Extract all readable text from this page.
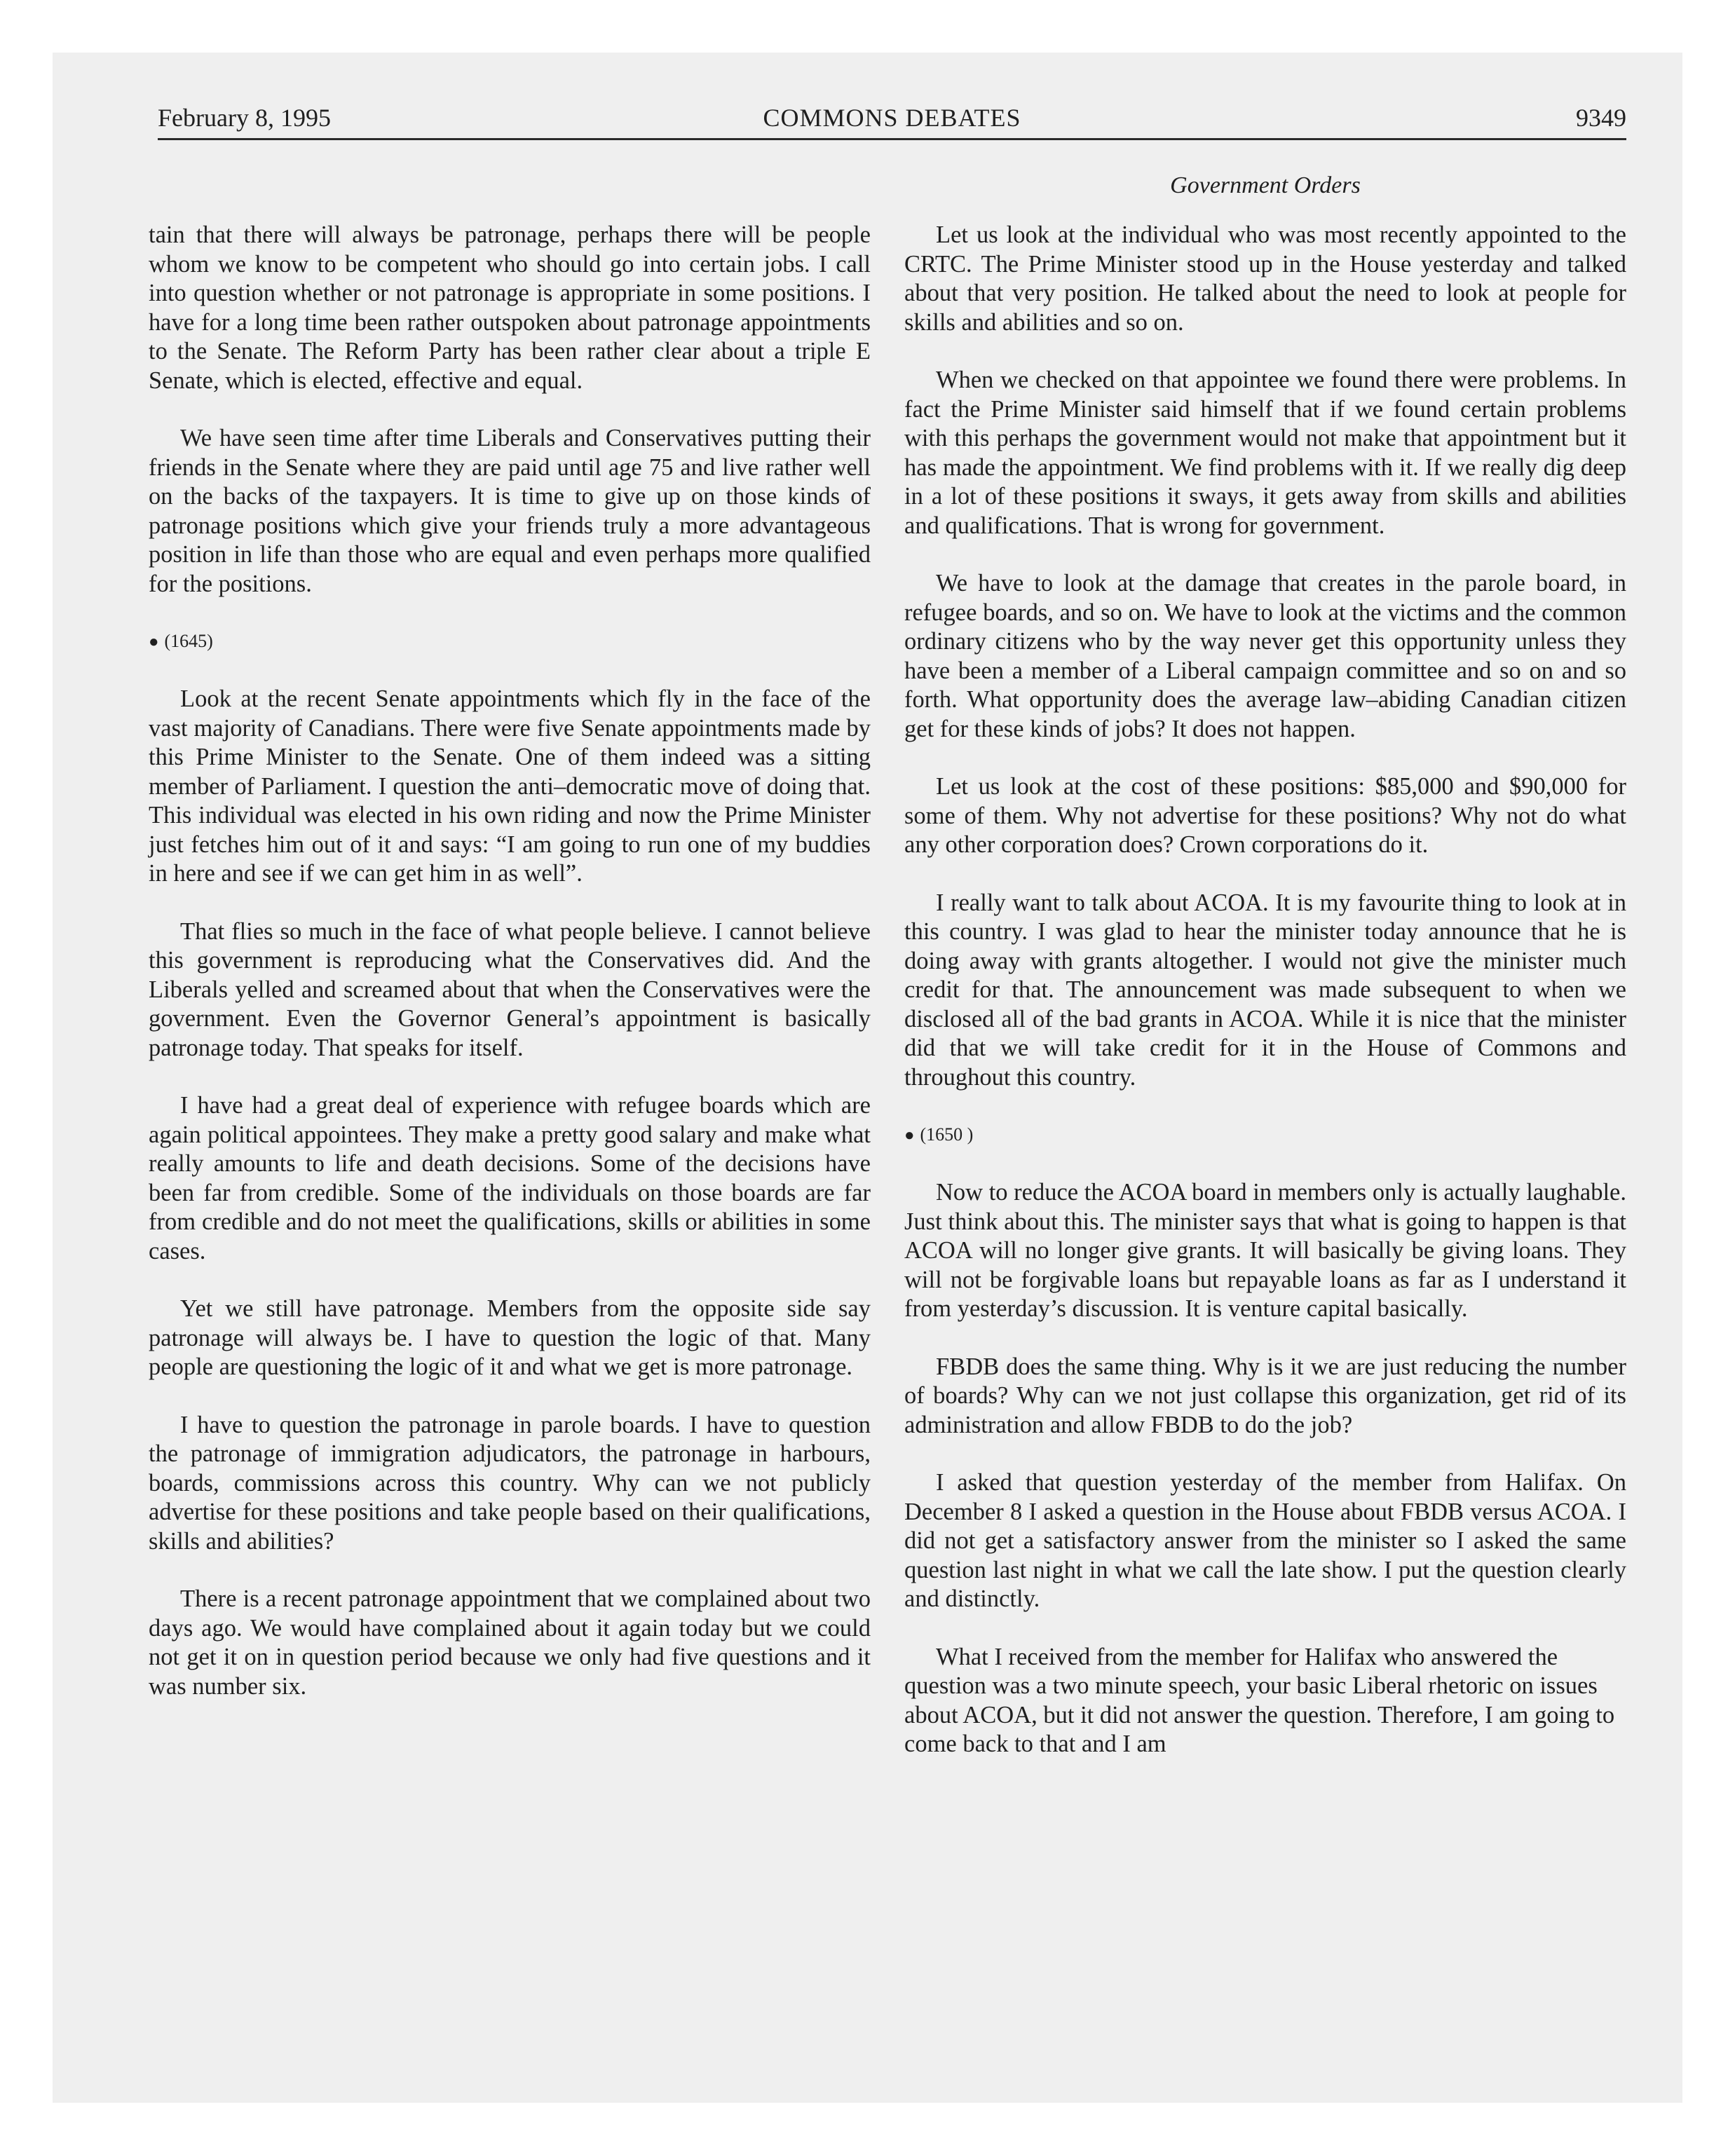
February 8, 1995	COMMONS DEBATES	9349
Government Orders

tain that there will always be patronage, perhaps there will be people whom we know to be competent who should go into certain jobs. I call into question whether or not patronage is appropriate in some positions. I have for a long time been rather outspoken about patronage appointments to the Senate. The Reform Party has been rather clear about a triple E Senate, which is elected, effective and equal.

We have seen time after time Liberals and Conservatives putting their friends in the Senate where they are paid until age 75 and live rather well on the backs of the taxpayers. It is time to give up on those kinds of patronage positions which give your friends truly a more advantageous position in life than those who are equal and even perhaps more qualified for the positions.

● (1645)

Look at the recent Senate appointments which fly in the face of the vast majority of Canadians. There were five Senate appointments made by this Prime Minister to the Senate. One of them indeed was a sitting member of Parliament. I question the anti–democratic move of doing that. This individual was elected in his own riding and now the Prime Minister just fetches him out of it and says: “I am going to run one of my buddies in here and see if we can get him in as well”.

That flies so much in the face of what people believe. I cannot believe this government is reproducing what the Conservatives did. And the Liberals yelled and screamed about that when the Conservatives were the government. Even the Governor General’s appointment is basically patronage today. That speaks for itself.

I have had a great deal of experience with refugee boards which are again political appointees. They make a pretty good salary and make what really amounts to life and death decisions. Some of the decisions have been far from credible. Some of the individuals on those boards are far from credible and do not meet the qualifications, skills or abilities in some cases.

Yet we still have patronage. Members from the opposite side say patronage will always be. I have to question the logic of that. Many people are questioning the logic of it and what we get is more patronage.

I have to question the patronage in parole boards. I have to question the patronage of immigration adjudicators, the patronage in harbours, boards, commissions across this country. Why can we not publicly advertise for these positions and take people based on their qualifications, skills and abilities?

There is a recent patronage appointment that we complained about two days ago. We would have complained about it again today but we could not get it on in question period because we only had five questions and it was number six.

Let us look at the individual who was most recently appointed to the CRTC. The Prime Minister stood up in the House yesterday and talked about that very position. He talked about the need to look at people for skills and abilities and so on.

When we checked on that appointee we found there were problems. In fact the Prime Minister said himself that if we found certain problems with this perhaps the government would not make that appointment but it has made the appointment. We find problems with it. If we really dig deep in a lot of these positions it sways, it gets away from skills and abilities and qualifications. That is wrong for government.

We have to look at the damage that creates in the parole board, in refugee boards, and so on. We have to look at the victims and the common ordinary citizens who by the way never get this opportunity unless they have been a member of a Liberal campaign committee and so on and so forth. What opportunity does the average law–abiding Canadian citizen get for these kinds of jobs? It does not happen.

Let us look at the cost of these positions: $85,000 and $90,000 for some of them. Why not advertise for these positions? Why not do what any other corporation does? Crown corporations do it.

I really want to talk about ACOA. It is my favourite thing to look at in this country. I was glad to hear the minister today announce that he is doing away with grants altogether. I would not give the minister much credit for that. The announcement was made subsequent to when we disclosed all of the bad grants in ACOA. While it is nice that the minister did that we will take credit for it in the House of Commons and throughout this country.

● (1650 )

Now to reduce the ACOA board in members only is actually laughable. Just think about this. The minister says that what is going to happen is that ACOA will no longer give grants. It will basically be giving loans. They will not be forgivable loans but repayable loans as far as I understand it from yesterday’s discussion. It is venture capital basically.

FBDB does the same thing. Why is it we are just reducing the number of boards? Why can we not just collapse this organization, get rid of its administration and allow FBDB to do the job?

I asked that question yesterday of the member from Halifax. On December 8 I asked a question in the House about FBDB versus ACOA. I did not get a satisfactory answer from the minister so I asked the same question last night in what we call the late show. I put the question clearly and distinctly.

What I received from the member for Halifax who answered the question was a two minute speech, your basic Liberal rhetoric on issues about ACOA, but it did not answer the question. Therefore, I am going to come back to that and I am
